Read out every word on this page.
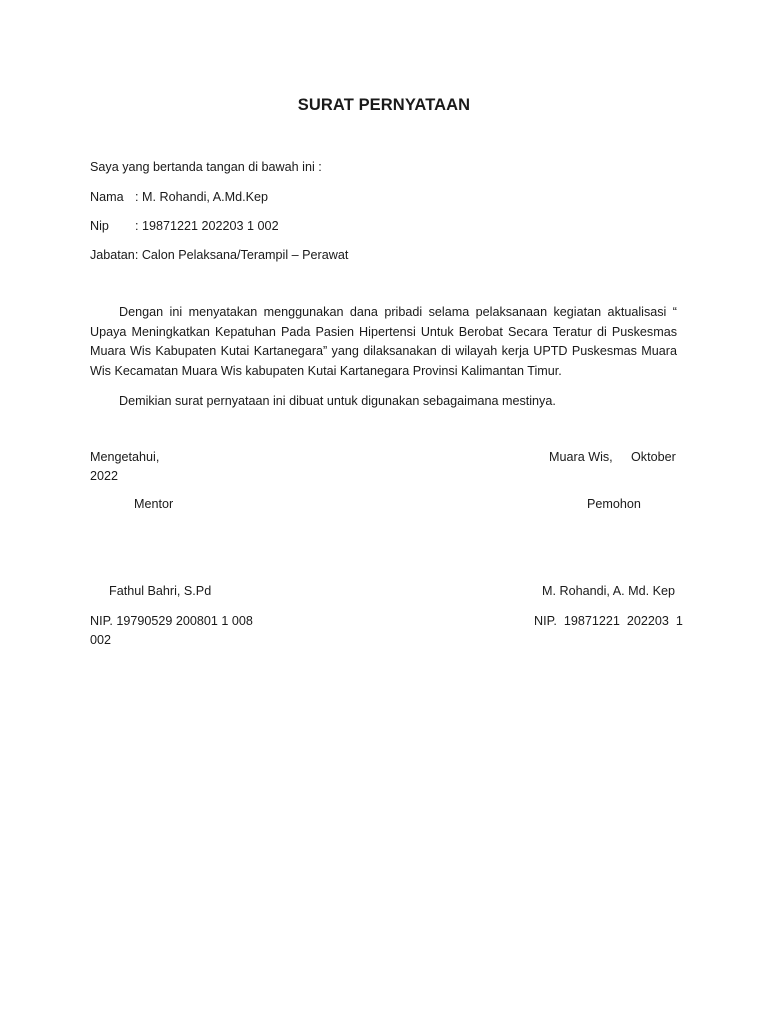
SURAT PERNYATAAN
Saya yang bertanda tangan di bawah ini :
Nama : M. Rohandi, A.Md.Kep
Nip : 19871221 202203 1 002
Jabatan: Calon Pelaksana/Terampil – Perawat

Dengan ini menyatakan menggunakan dana pribadi selama pelaksanaan kegiatan aktualisasi “ Upaya Meningkatkan Kepatuhan Pada Pasien Hipertensi Untuk Berobat Secara Teratur di Puskesmas Muara Wis Kabupaten Kutai Kartanegara” yang dilaksanakan di wilayah kerja UPTD Puskesmas Muara Wis Kecamatan Muara Wis kabupaten Kutai Kartanegara Provinsi Kalimantan Timur.

Demikian surat pernyataan ini dibuat untuk digunakan sebagaimana mestinya.

Mengetahui,
2022
Mentor
Fathul Bahri, S.Pd
NIP. 19790529 200801 1 008
002
Muara Wis, Oktober
Pemohon
M. Rohandi, A. Md. Kep
NIP.  19871221  202203  1
